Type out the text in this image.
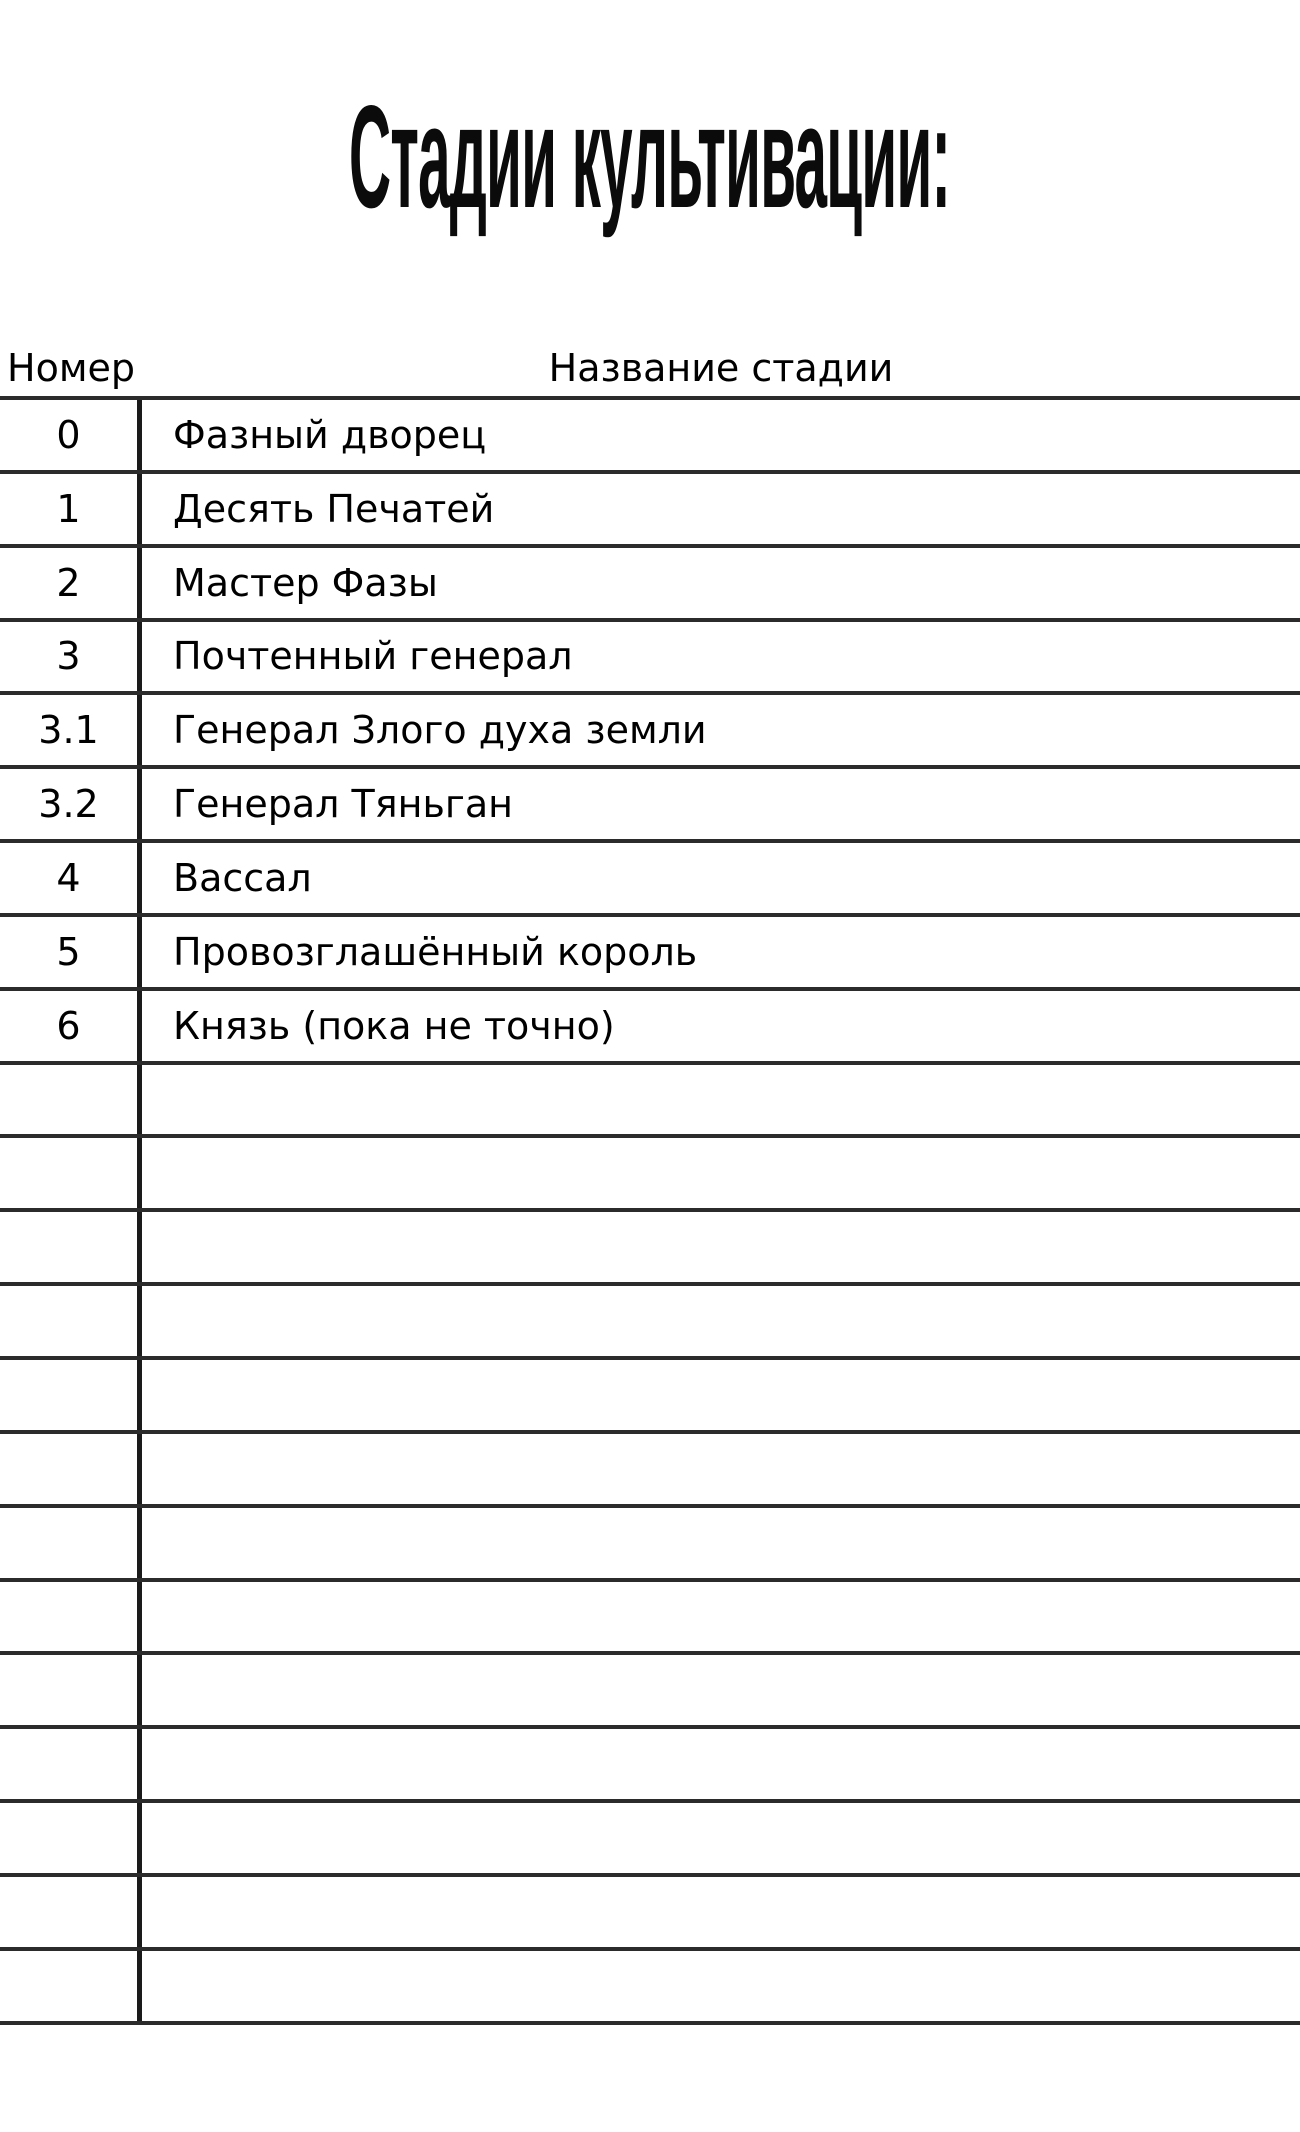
Стадии культивации:
Номер	Название стадии
0	Фазный дворец
1	Десять Печатей
2	Мастер Фазы
3	Почтенный генерал
3.1	Генерал Злого духа земли
3.2	Генерал Тяньган
4	Вассал
5	Провозглашённый король
6	Князь (пока не точно)
